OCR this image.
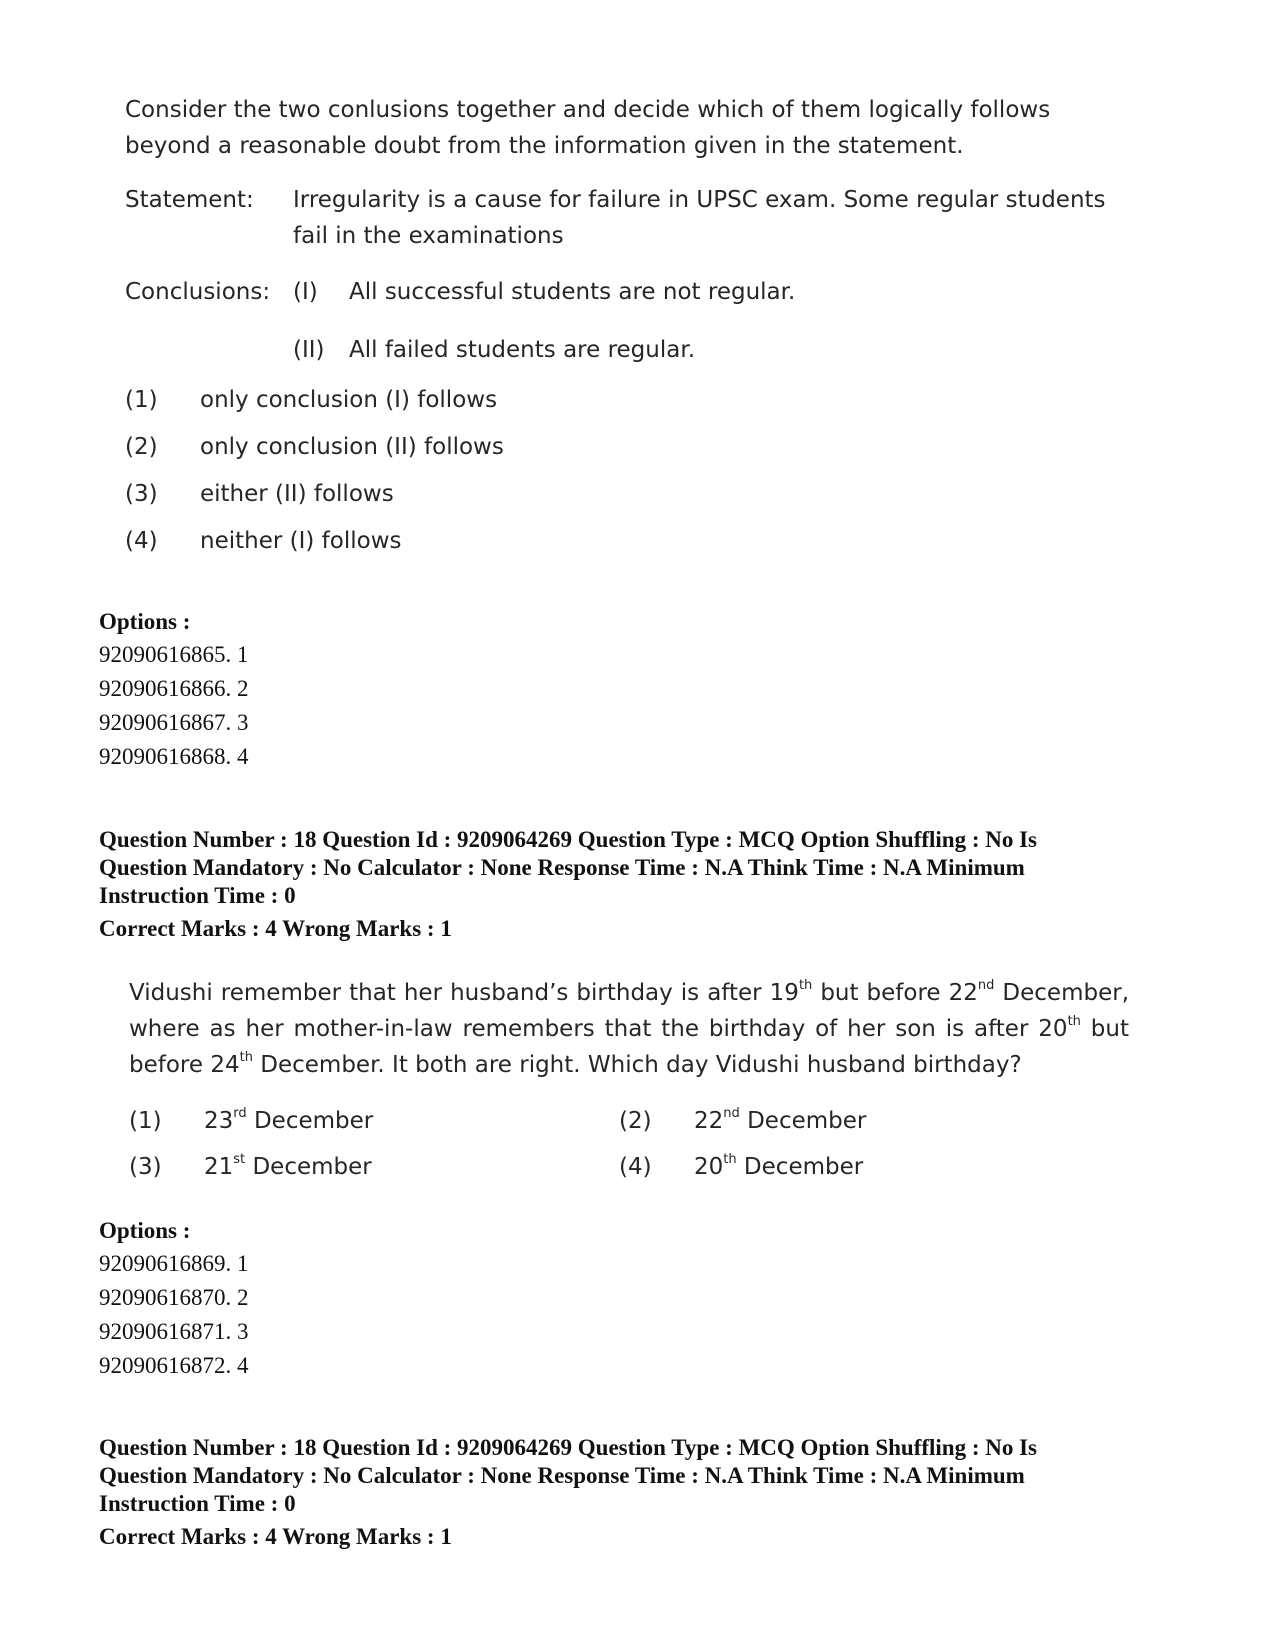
Consider the two conlusions together and decide which of them logically follows beyond a reasonable doubt from the information given in the statement.

Statement:	Irregularity is a cause for failure in UPSC exam. Some regular students fail in the examinations
Conclusions: (I)	All successful students are not regular.
(II)	All failed students are regular.
(1)	only conclusion (I) follows
(2)	only conclusion (II) follows
(3)	either (II) follows
(4)	neither (I) follows
Options :
92090616865. 1
92090616866. 2
92090616867. 3
92090616868. 4
Question Number : 18 Question Id : 9209064269 Question Type : MCQ Option Shuffling : No Is
Question Mandatory : No Calculator : None Response Time : N.A Think Time : N.A Minimum
Instruction Time : 0
Correct Marks : 4 Wrong Marks : 1

Vidushi remember that her husband’s birthday is after 19th but before 22nd December, where as her mother-in-law remembers that the birthday of her son is after 20th but before 24th December. It both are right. Which day Vidushi husband birthday?

(1)	23rd December	(2)	22nd December
(3)	21st December	(4)	20th December
Options :
92090616869. 1
92090616870. 2
92090616871. 3
92090616872. 4
Question Number : 18 Question Id : 9209064269 Question Type : MCQ Option Shuffling : No Is
Question Mandatory : No Calculator : None Response Time : N.A Think Time : N.A Minimum
Instruction Time : 0
Correct Marks : 4 Wrong Marks : 1
